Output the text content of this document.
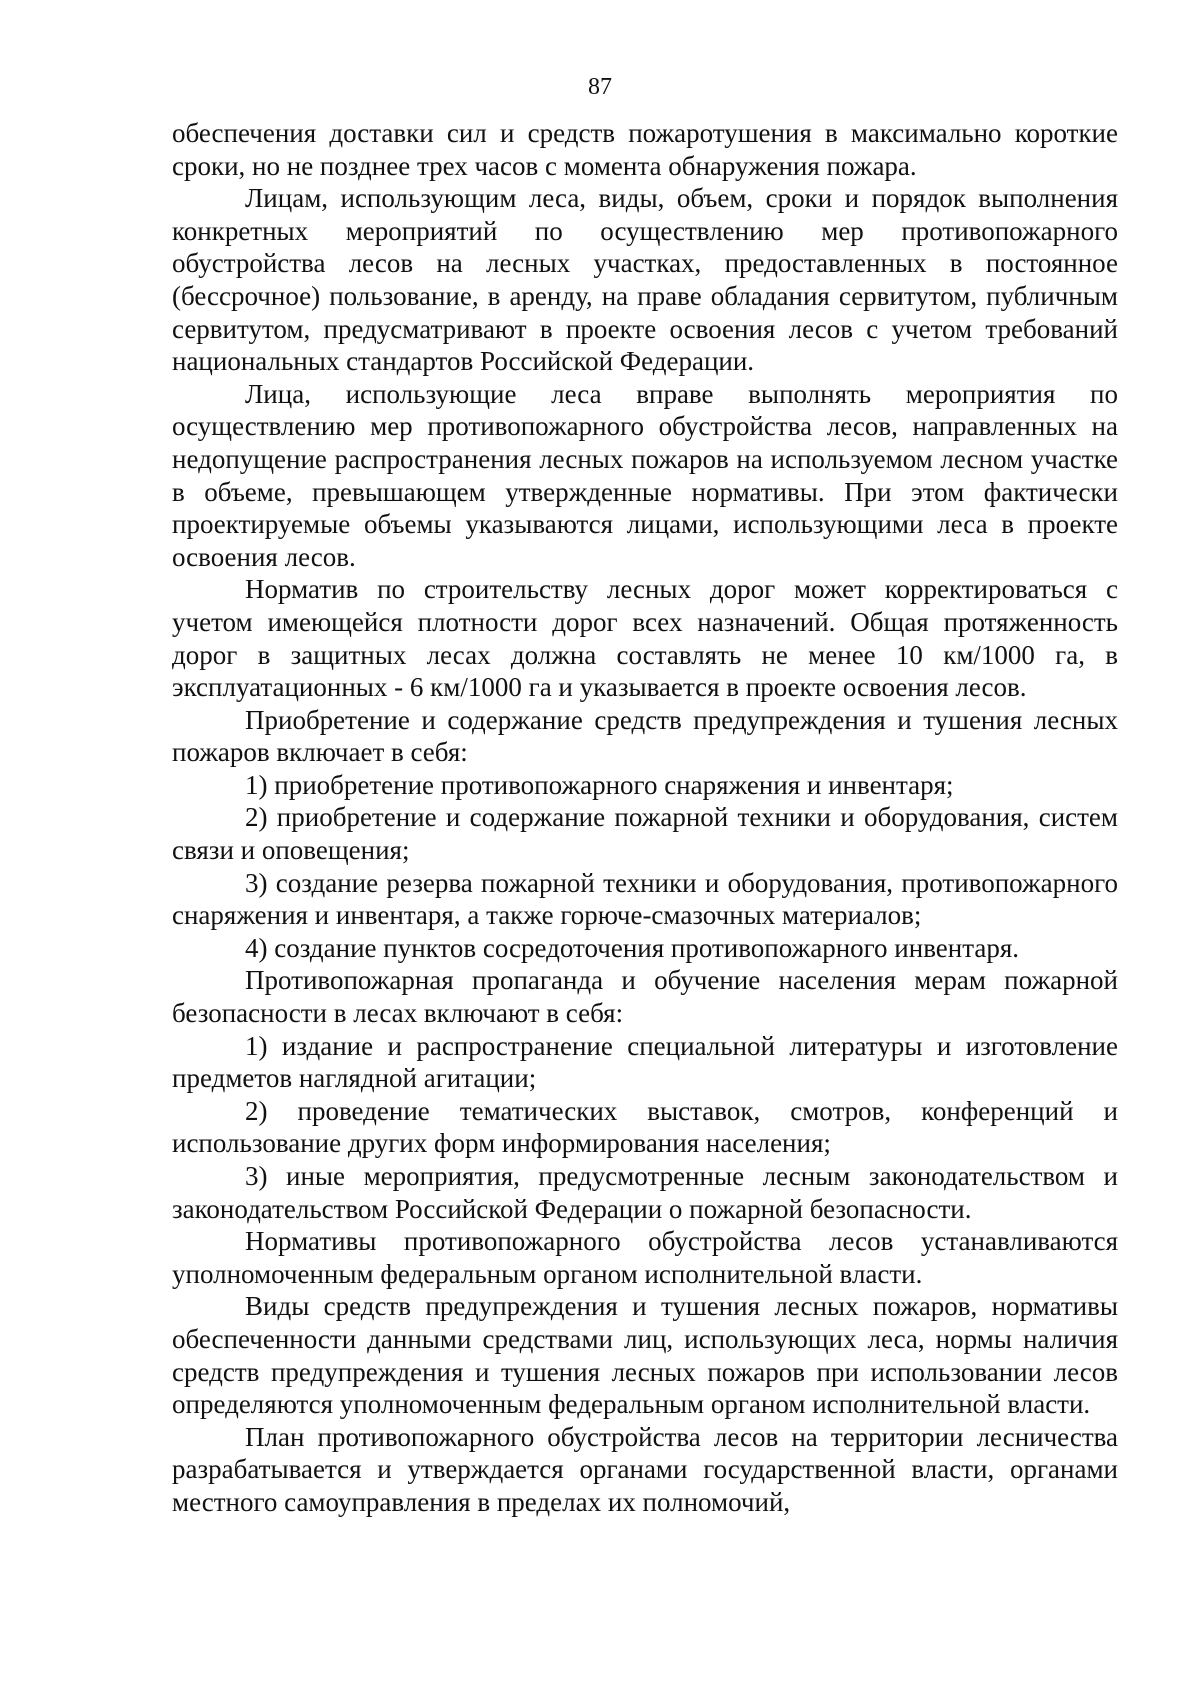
87

обеспечения доставки сил и средств пожаротушения в максимально короткие сроки, но не позднее трех часов с момента обнаружения пожара.

Лицам, использующим леса, виды, объем, сроки и порядок выполнения конкретных мероприятий по осуществлению мер противопожарного обустройства лесов на лесных участках, предоставленных в постоянное (бессрочное) пользование, в аренду, на праве обладания сервитутом, публичным сервитутом, предусматривают в проекте освоения лесов с учетом требований национальных стандартов Российской Федерации.

Лица, использующие леса вправе выполнять мероприятия по осуществлению мер противопожарного обустройства лесов, направленных на недопущение распространения лесных пожаров на используемом лесном участке в объеме, превышающем утвержденные нормативы. При этом фактически проектируемые объемы указываются лицами, использующими леса в проекте освоения лесов.

Норматив по строительству лесных дорог может корректироваться с учетом имеющейся плотности дорог всех назначений. Общая протяженность дорог в защитных лесах должна составлять не менее 10 км/1000 га, в эксплуатационных - 6 км/1000 га и указывается в проекте освоения лесов.

Приобретение и содержание средств предупреждения и тушения лесных пожаров включает в себя:

1) приобретение противопожарного снаряжения и инвентаря;

2) приобретение и содержание пожарной техники и оборудования, систем связи и оповещения;

3) создание резерва пожарной техники и оборудования, противопожарного снаряжения и инвентаря, а также горюче-смазочных материалов;

4) создание пунктов сосредоточения противопожарного инвентаря.

Противопожарная пропаганда и обучение населения мерам пожарной безопасности в лесах включают в себя:

1) издание и распространение специальной литературы и изготовление предметов наглядной агитации;

2) проведение тематических выставок, смотров, конференций и использование других форм информирования населения;

3) иные мероприятия, предусмотренные лесным законодательством и законодательством Российской Федерации о пожарной безопасности.

Нормативы противопожарного обустройства лесов устанавливаются уполномоченным федеральным органом исполнительной власти.

Виды средств предупреждения и тушения лесных пожаров, нормативы обеспеченности данными средствами лиц, использующих леса, нормы наличия средств предупреждения и тушения лесных пожаров при использовании лесов определяются уполномоченным федеральным органом исполнительной власти.

План противопожарного обустройства лесов на территории лесничества разрабатывается и утверждается органами государственной власти, органами местного самоуправления в пределах их полномочий,
